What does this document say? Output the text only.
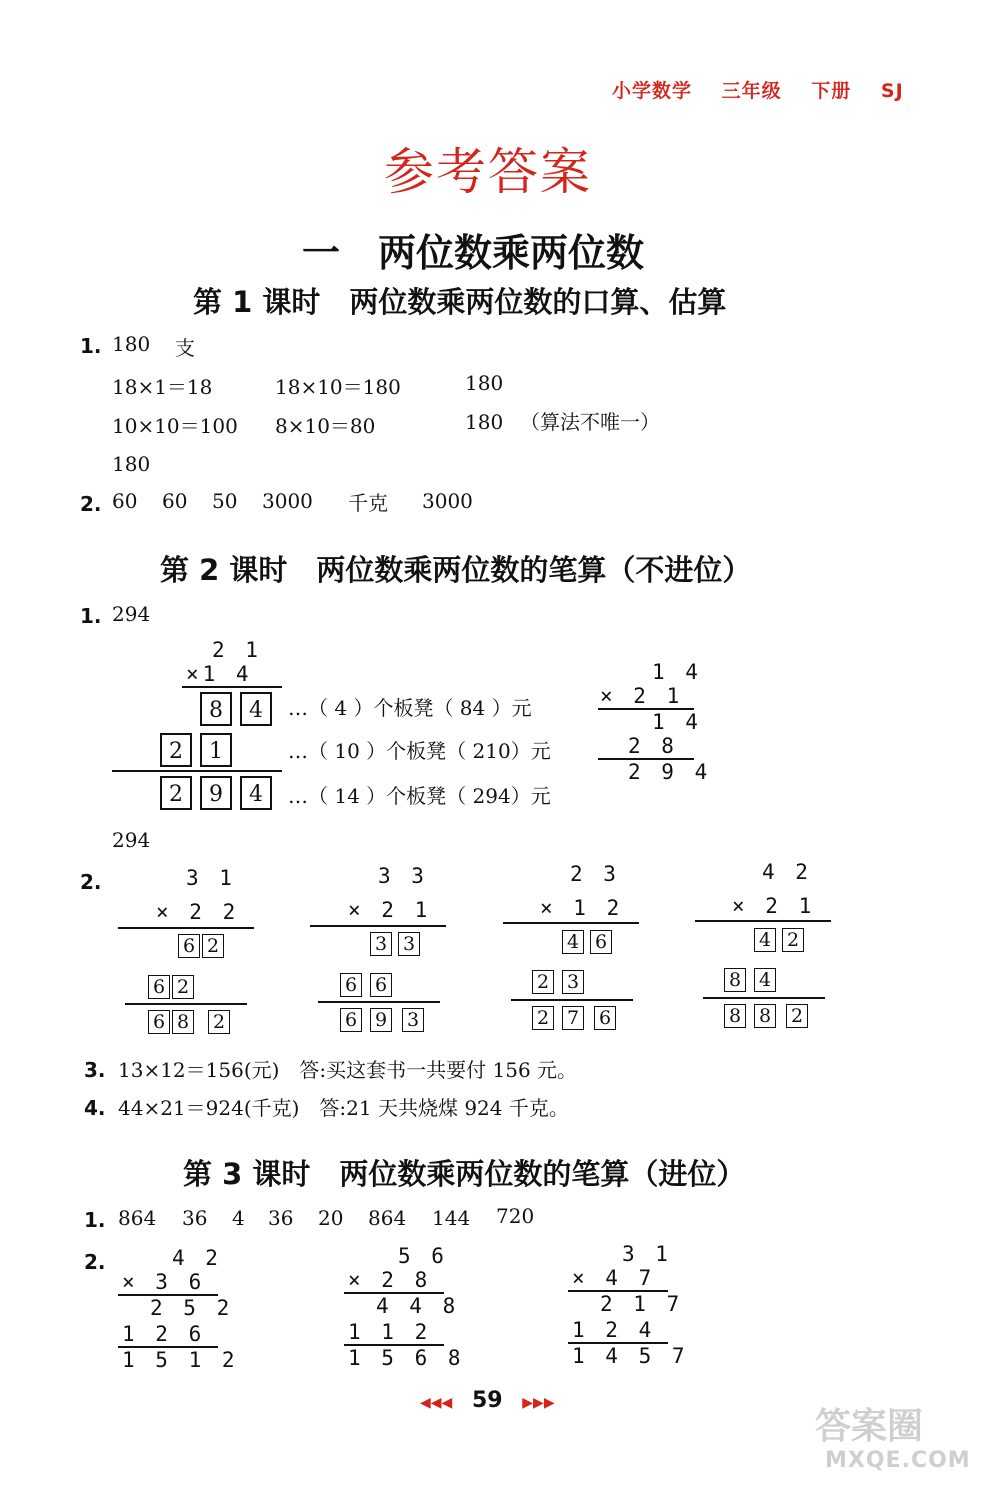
小学数学 三年级 下册 SJ
参考答案
一　两位数乘两位数
第 1 课时　两位数乘两位数的口算、估算
1. 180 支
18×1＝18	18×10＝180	180
10×10＝100 8×10＝80	180 （算法不唯一）
180
2. 60 60 50 3000 千克 3000
第 2 课时　两位数乘两位数的笔算（不进位）
1. 294
2 1
×1 4
8	4
2	1
2	9	4
…（ 4 ）个板凳（ 84 ）元
…（ 10 ）个板凳（ 210）元
…（ 14 ）个板凳（ 294）元
1 4
× 2 1
1 4
2 8
2 9 4
294
2.	3 1
× 2 2
6 2
6 2
6 8 2
3 3
× 2 1
3 3
6 6
6 9 3
2 3
× 1 2
4 6
2 3
2 7 6
4 2
× 2 1
4 2
8 4
8 8 2
3. 13×12＝156(元)　答:买这套书一共要付 156 元。
4. 44×21＝924(千克)　答:21 天共烧煤 924 千克。
第 3 课时　两位数乘两位数的笔算（进位）
1. 864 36 4 36 20 864 144 720
2.	4 2
× 3 6
2 5 2
1 2 6
1 5 1 2
5 6
× 2 8
4 4 8
1 1 2
1 5 6 8
3 1
× 4 7
2 1 7
1 2 4
1 4 5 7
◀◀◀ 59 ▶▶▶
答案圈
MXQE.COM
